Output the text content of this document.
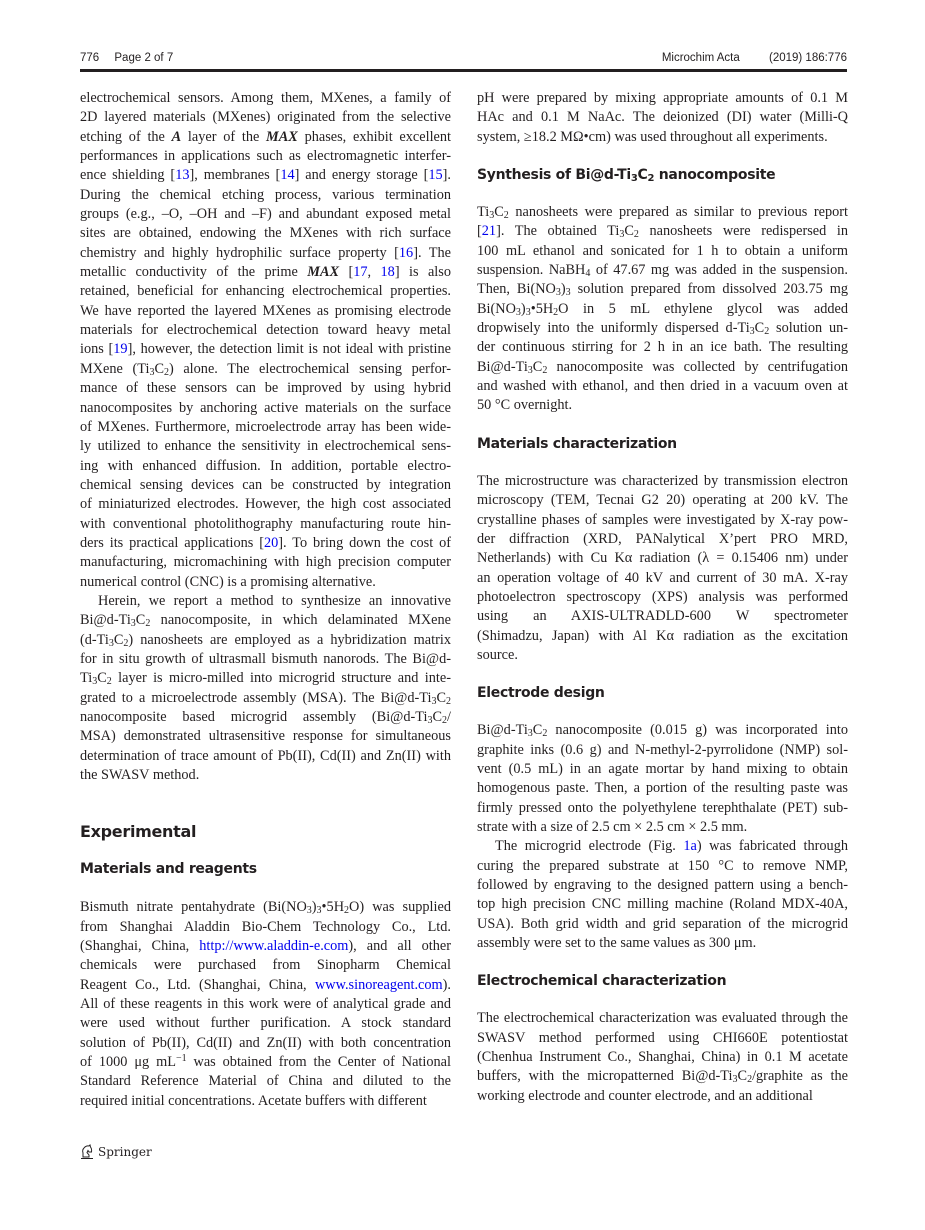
776 Page 2 of 7	Microchim Acta	(2019) 186:776
electrochemical sensors. Among them, MXenes, a family of
2D layered materials (MXenes) originated from the selective
etching of the A layer of the MAX phases, exhibit excellent
performances in applications such as electromagnetic interfer-
ence shielding [13], membranes [14] and energy storage [15].
During the chemical etching process, various termination
groups (e.g., –O, –OH and –F) and abundant exposed metal
sites are obtained, endowing the MXenes with rich surface
chemistry and highly hydrophilic surface property [16]. The
metallic conductivity of the prime MAX [17, 18] is also
retained, beneficial for enhancing electrochemical properties.
We have reported the layered MXenes as promising electrode
materials for electrochemical detection toward heavy metal
ions [19], however, the detection limit is not ideal with pristine
MXene $(Ti_3C_2)$ alone. The electrochemical sensing perfor-
mance of these sensors can be improved by using hybrid
nanocomposites by anchoring active materials on the surface
of MXenes. Furthermore, microelectrode array has been wide-
ly utilized to enhance the sensitivity in electrochemical sens-
ing with enhanced diffusion. In addition, portable electro-
chemical sensing devices can be constructed by integration
of miniaturized electrodes. However, the high cost associated
with conventional photolithography manufacturing route hin-
ders its practical applications [20]. To bring down the cost of
manufacturing, micromachining with high precision computer
numerical control (CNC) is a promising alternative.
Herein, we report a method to synthesize an innovative
$Bi@d-Ti_3C_2$ nanocomposite, in which delaminated MXene
$(d-Ti_3C_2)$ nanosheets are employed as a hybridization matrix
for in situ growth of ultrasmall bismuth nanorods. The Bi@d-
$Ti_3C_2$ layer is micro-milled into microgrid structure and inte-
grated to a microelectrode assembly (MSA). The $Bi@d-Ti_3C_2$
nanocomposite based microgrid assembly ($Bi@d-Ti_3C_2/$
MSA) demonstrated ultrasensitive response for simultaneous
determination of trace amount of Pb(II), Cd(II) and Zn(II) with
the SWASV method.
Experimental
Materials and reagents
Bismuth nitrate pentahydrate $(Bi(NO_3)_3•5H_2O)$ was supplied
from Shanghai Aladdin Bio-Chem Technology Co., Ltd.
(Shanghai, China, http://www.aladdin-e.com), and all other
chemicals were purchased from Sinopharm Chemical
Reagent Co., Ltd. (Shanghai, China, www.sinoreagent.com).
All of these reagents in this work were of analytical grade and
were used without further purification. A stock standard
solution of Pb(II), Cd(II) and Zn(II) with both concentration
of 1000 μg $mL^{-1}$ was obtained from the Center of National
Standard Reference Material of China and diluted to the
required initial concentrations. Acetate buffers with different
pH were prepared by mixing appropriate amounts of 0.1 M
HAc and 0.1 M NaAc. The deionized (DI) water (Milli-Q
system, ≥18.2 MΩ•cm) was used throughout all experiments.
Synthesis of $Bi@d-Ti_3C_2$ nanocomposite
$Ti_3C_2$ nanosheets were prepared as similar to previous report
[21]. The obtained $Ti_3C_2$ nanosheets were redispersed in
100 mL ethanol and sonicated for 1 h to obtain a uniform
suspension. NaBH$_4$ of 47.67 mg was added in the suspension.
Then, $Bi(NO_3)_3$ solution prepared from dissolved 203.75 mg
$Bi(NO_3)_3•5H_2O$ in 5 mL ethylene glycol was added
dropwisely into the uniformly dispersed $d-Ti_3C_2$ solution un-
der continuous stirring for 2 h in an ice bath. The resulting
$Bi@d-Ti_3C_2$ nanocomposite was collected by centrifugation
and washed with ethanol, and then dried in a vacuum oven at
50 °C overnight.
Materials characterization
The microstructure was characterized by transmission electron
microscopy (TEM, Tecnai G2 20) operating at 200 kV. The
crystalline phases of samples were investigated by X-ray pow-
der diffraction (XRD, PANalytical X’pert PRO MRD,
Netherlands) with Cu Kα radiation (λ = 0.15406 nm) under
an operation voltage of 40 kV and current of 30 mA. X-ray
photoelectron spectroscopy (XPS) analysis was performed
using an AXIS-ULTRADLD-600 W spectrometer
(Shimadzu, Japan) with Al Kα radiation as the excitation
source.
Electrode design
$Bi@d-Ti_3C_2$ nanocomposite (0.015 g) was incorporated into
graphite inks (0.6 g) and N-methyl-2-pyrrolidone (NMP) sol-
vent (0.5 mL) in an agate mortar by hand mixing to obtain
homogenous paste. Then, a portion of the resulting paste was
firmly pressed onto the polyethylene terephthalate (PET) sub-
strate with a size of 2.5 cm × 2.5 cm × 2.5 mm.
The microgrid electrode (Fig. 1a) was fabricated through
curing the prepared substrate at 150 °C to remove NMP,
followed by engraving to the designed pattern using a bench-
top high precision CNC milling machine (Roland MDX-40A,
USA). Both grid width and grid separation of the microgrid
assembly were set to the same values as 300 μm.
Electrochemical characterization
The electrochemical characterization was evaluated through the
SWASV method performed using CHI660E potentiostat
(Chenhua Instrument Co., Shanghai, China) in 0.1 M acetate
buffers, with the micropatterned $Bi@d-Ti_3C_2$/graphite as the
working electrode and counter electrode, and an additional
Springer
